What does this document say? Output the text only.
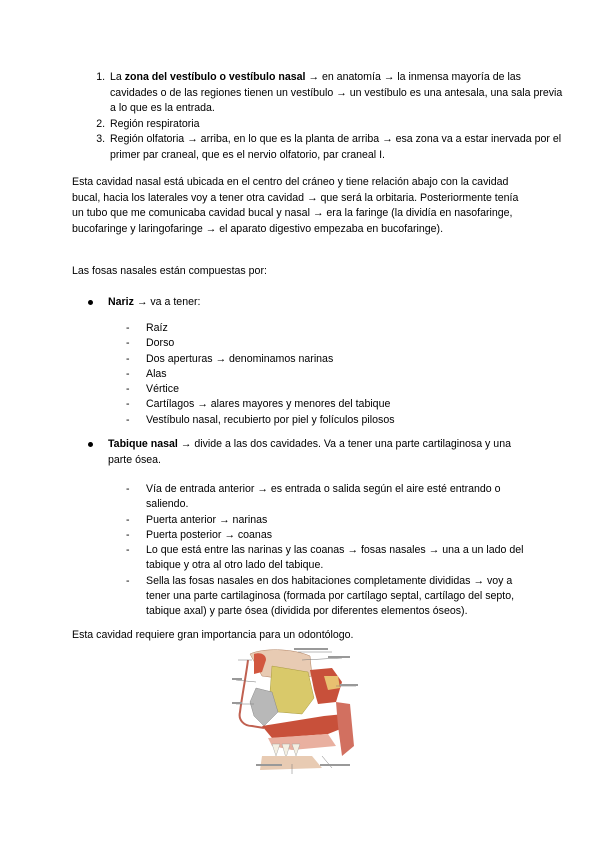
1. La zona del vestíbulo o vestíbulo nasal → en anatomía → la inmensa mayoría de las cavidades o de las regiones tienen un vestíbulo → un vestíbulo es una antesala, una sala previa a lo que es la entrada.
2. Región respiratoria
3. Región olfatoria → arriba, en lo que es la planta de arriba → esa zona va a estar inervada por el primer par craneal, que es el nervio olfatorio, par craneal I.

Esta cavidad nasal está ubicada en el centro del cráneo y tiene relación abajo con la cavidad bucal, hacia los laterales voy a tener otra cavidad → que será la orbitaria. Posteriormente tenía un tubo que me comunicaba cavidad bucal y nasal → era la faringe (la dividía en nasofaringe, bucofaringe y laringofaringe → el aparato digestivo empezaba en bucofaringe).

Las fosas nasales están compuestas por:

Nariz → va a tener:
- Raíz
- Dorso
- Dos aperturas → denominamos narinas
- Alas
- Vértice
- Cartílagos → alares mayores y menores del tabique
- Vestíbulo nasal, recubierto por piel y folículos pilosos
Tabique nasal → divide a las dos cavidades. Va a tener una parte cartilaginosa y una parte ósea.
- Vía de entrada anterior → es entrada o salida según el aire esté entrando o saliendo.
- Puerta anterior → narinas
- Puerta posterior → coanas
- Lo que está entre las narinas y las coanas → fosas nasales → una a un lado del tabique y otra al otro lado del tabique.
- Sella las fosas nasales en dos habitaciones completamente divididas → voy a tener una parte cartilaginosa (formada por cartílago septal, cartílago del septo, tabique axal) y parte ósea (dividida por diferentes elementos óseos).

Esta cavidad requiere gran importancia para un odontólogo.
